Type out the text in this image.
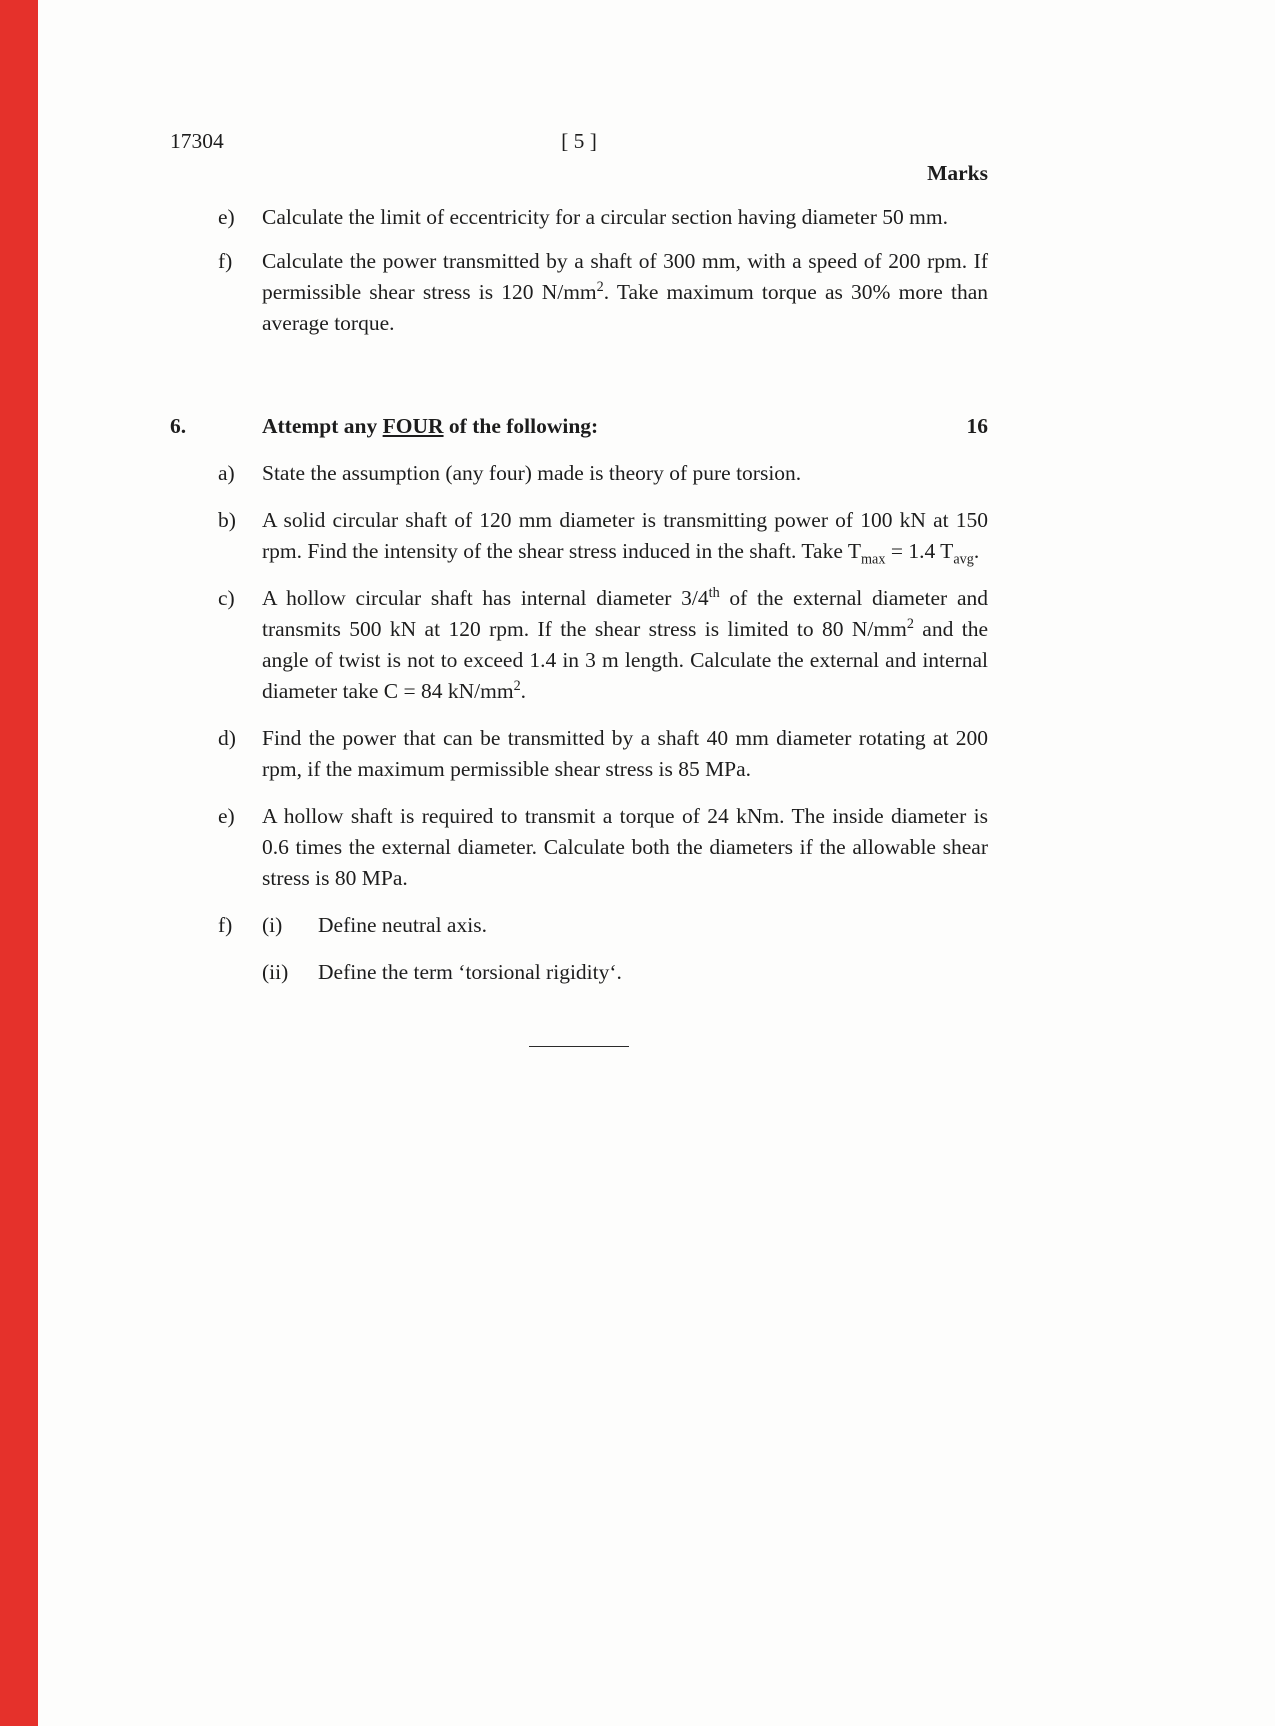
17304	[ 5 ]
Marks
e)	Calculate the limit of eccentricity for a circular section having diameter 50 mm.
f)	Calculate the power transmitted by a shaft of 300 mm, with a speed of 200 rpm. If permissible shear stress is 120 $N/mm^2$. Take maximum torque as 30% more than average torque.
6.	Attempt any FOUR of the following:	16
a)	State the assumption (any four) made is theory of pure torsion.
b)	A solid circular shaft of 120 mm diameter is transmitting power of 100 kN at 150 rpm. Find the intensity of the shear stress induced in the shaft. Take $T_{max} = 1.4$ $T_{avg}$.
c)	A hollow circular shaft has internal diameter 3/4th of the external diameter and transmits 500 kN at 120 rpm. If the shear stress is limited to 80 $N/mm^2$ and the angle of twist is not to exceed 1.4 in 3 m length. Calculate the external and internal diameter take C = 84 $kN/mm^2$.
d)	Find the power that can be transmitted by a shaft 40 mm diameter rotating at 200 rpm, if the maximum permissible shear stress is 85 MPa.
e)	A hollow shaft is required to transmit a torque of 24 kNm. The inside diameter is 0.6 times the external diameter. Calculate both the diameters if the allowable shear stress is 80 MPa.
f)	(i)	Define neutral axis.
(ii)	Define the term ‘torsional rigidity‘.
